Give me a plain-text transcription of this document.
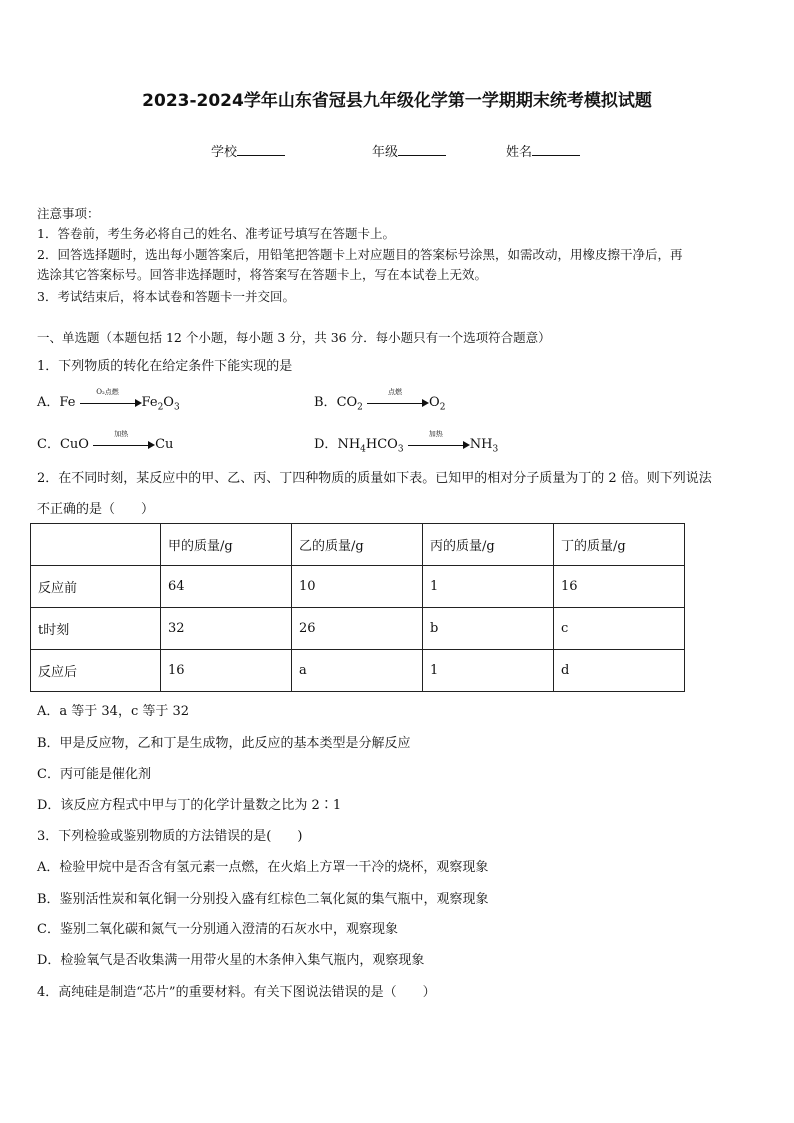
2023-2024学年山东省冠县九年级化学第一学期期末统考模拟试题
学校	年级	姓名
注意事项：
1．答卷前，考生务必将自己的姓名、准考证号填写在答题卡上。
2．回答选择题时，选出每小题答案后，用铅笔把答题卡上对应题目的答案标号涂黑，如需改动，用橡皮擦干净后，再
选涂其它答案标号。回答非选择题时，将答案写在答题卡上，写在本试卷上无效。
3．考试结束后，将本试卷和答题卡一并交回。
一、单选题（本题包括 12 个小题，每小题 3 分，共 36 分．每小题只有一个选项符合题意）
1．下列物质的转化在给定条件下能实现的是
A．Fe
O₂点燃
$Fe_2O_3$	B．$CO_2$
点燃
$O_2$
C．CuO
加热
Cu	D．$NH_4HCO_3$
加热
$NH_3$
2．在不同时刻，某反应中的甲、乙、丙、丁四种物质的质量如下表。已知甲的相对分子质量为丁的 2 倍。则下列说法
不正确的是（　　）
	甲的质量/g	乙的质量/g	丙的质量/g	丁的质量/g
反应前	64	10	1	16
t时刻	32	26	b	c
反应后	16	a	1	d
A．a 等于 34，c 等于 32
B．甲是反应物，乙和丁是生成物，此反应的基本类型是分解反应
C．丙可能是催化剂
D．该反应方程式中甲与丁的化学计量数之比为 2∶1
3．下列检验或鉴别物质的方法错误的是(　　)
A．检验甲烷中是否含有氢元素一点燃，在火焰上方罩一干冷的烧杯，观察现象
B．鉴别活性炭和氧化铜一分别投入盛有红棕色二氧化氮的集气瓶中，观察现象
C．鉴别二氧化碳和氮气一分别通入澄清的石灰水中，观察现象
D．检验氧气是否收集满一用带火星的木条伸入集气瓶内，观察现象
4．高纯硅是制造“芯片”的重要材料。有关下图说法错误的是（　　）
